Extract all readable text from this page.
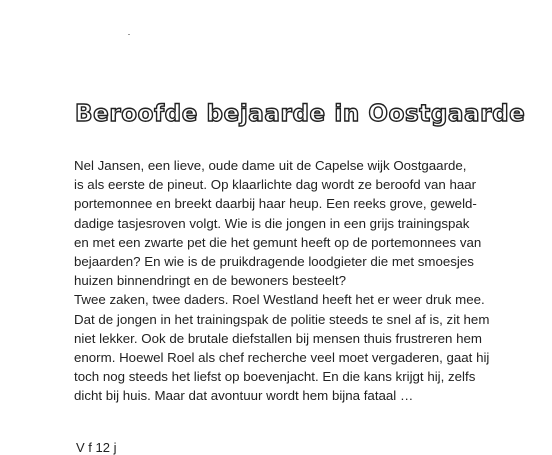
Beroofde bejaarde in Oostgaarde
Nel Jansen, een lieve, oude dame uit de Capelse wijk Oostgaarde,
is als eerste de pineut. Op klaarlichte dag wordt ze beroofd van haar
portemonnee en breekt daarbij haar heup. Een reeks grove, geweld-
dadige tasjesroven volgt. Wie is die jongen in een grijs trainingspak
en met een zwarte pet die het gemunt heeft op de portemonnees van
bejaarden? En wie is de pruikdragende loodgieter die met smoesjes
huizen binnendringt en de bewoners besteelt?
Twee zaken, twee daders. Roel Westland heeft het er weer druk mee.
Dat de jongen in het trainingspak de politie steeds te snel af is, zit hem
niet lekker. Ook de brutale diefstallen bij mensen thuis frustreren hem
enorm. Hoewel Roel als chef recherche veel moet vergaderen, gaat hij
toch nog steeds het liefst op boevenjacht. En die kans krijgt hij, zelfs
dicht bij huis. Maar dat avontuur wordt hem bijna fataal …
V f 12 j
